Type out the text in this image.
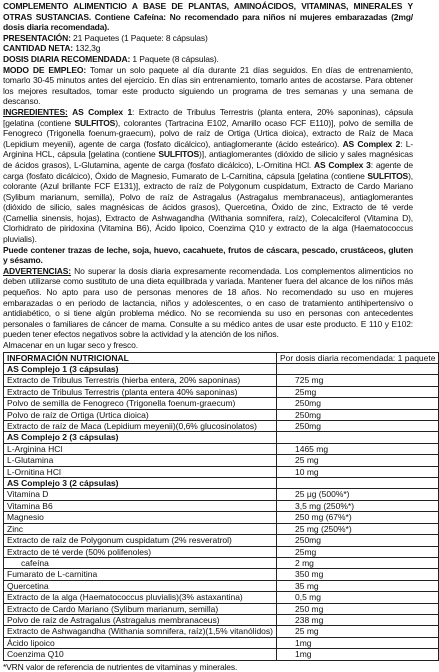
COMPLEMENTO ALIMENTICIO A BASE DE PLANTAS, AMINOÁCIDOS, VITAMINAS, MINERALES Y OTRAS SUSTANCIAS. Contiene Cafeína: No recomendado para niños ni mujeres embarazadas (2mg/ dosis diaria recomendada).

PRESENTACIÓN: 21 Paquetes (1 Paquete: 8 cápsulas)

CANTIDAD NETA: 132,3g

DOSIS DIARIA RECOMENDADA: 1 Paquete (8 cápsulas).

MODO DE EMPLEO: Tomar un solo paquete al día durante 21 días seguidos. En días de entrenamiento, tomarlo 30-45 minutos antes del ejercicio. En días sin entrenamiento, tomarlo antes de acostarse. Para obtener los mejores resultados, tomar este producto siguiendo un programa de tres semanas y una semana de descanso.

INGREDIENTES: AS Complex 1: Extracto de Tribulus Terrestris (planta entera, 20% saponinas), cápsula [gelatina (contiene SULFITOS), colorantes (Tartracina E102, Amarillo ocaso FCF E110)], polvo de semilla de Fenogreco (Trigonella foenum-graecum), polvo de raíz de Ortiga (Urtica dioica), extracto de Raíz de Maca (Lepidium meyenii), agente de carga (fosfato dicálcico), antiaglomerante (ácido esteárico). AS Complex 2: L-Arginina HCL, cápsula [gelatina (contiene SULFITOS)], antiaglomerantes (dióxido de silicio y sales magnésicas de ácidos grasos), L-Glutamina, agente de carga (fosfato dicálcico), L-Ornitina HCl. AS Complex 3: agente de carga (fosfato dicálcico), Óxido de Magnesio, Fumarato de L-Carnitina, cápsula [gelatina (contiene SULFITOS), colorante (Azul brillante FCF E131)], extracto de raíz de Polygonum cuspidatum, Extracto de Cardo Mariano (Sylibum marianum, semilla), Polvo de raíz de Astragalus (Astragalus membranaceus), antiaglomerantes (dióxido de silicio, sales magnésicas de ácidos grasos), Quercetina, Óxido de zinc, Extracto de té verde (Camellia sinensis, hojas), Extracto de Ashwagandha (Withania somnifera, raíz), Colecalciferol (Vitamina D), Clorhidrato de piridoxina (Vitamina B6), Ácido lipoico, Coenzima Q10 y extracto de la alga (Haematococcus pluvialis).

Puede contener trazas de leche, soja, huevo, cacahuete, frutos de cáscara, pescado, crustáceos, gluten y sésamo.

ADVERTENCIAS: No superar la dosis diaria expresamente recomendada. Los complementos alimenticios no deben utilizarse como sustituto de una dieta equilibrada y variada. Mantener fuera del alcance de los niños más pequeños. No apto para uso de personas menores de 18 años. No recomendado su uso en mujeres embarazadas o en periodo de lactancia, niños y adolescentes, o en caso de tratamiento antihipertensivo o antidiabético, o si tiene algún problema médico. No se recomienda su uso en personas con antecedentes personales o familiares de cáncer de mama. Consulte a su médico antes de usar este producto. E 110 y E102: pueden tener efectos negativos sobre la actividad y la atención de los niños.

Almacenar en un lugar seco y fresco.

INFORMACIÓN NUTRICIONAL	Por dosis diaria recomendada: 1 paquete
AS Complejo 1 (3 cápsulas)	
Extracto de Tribulus Terrestris (hierba entera, 20% saponinas)	725 mg
Extracto de Tribulus Terrestris (planta entera 40% saponinas)	25mg
Polvo de semilla de Fenogreco (Trigonella foenum-graecum)	250mg
Polvo de raíz de Ortiga (Urtica dioica)	250mg
Extracto de raíz de Maca (Lepidium meyenii)(0,6% glucosinolatos)	250mg
AS Complejo 2 (3 cápsulas)	
L-Arginina HCl	1465 mg
L-Glutamina	25 mg
L-Ornitina HCl	10 mg
AS Complejo 3 (2 cápsulas)	
Vitamina D	25 μg (500%*)
Vitamina B6	3,5 mg (250%*)
Magnesio	250 mg (67%*)
Zinc	25 mg (250%*)
Extracto de raíz de Polygonum cuspidatum (2% resveratrol)	250mg
Extracto de té verde (50% polifenoles)	25mg
cafeína	2 mg
Fumarato de L-carnitina	350 mg
Quercetina	35 mg
Extracto de la alga (Haematococcus pluvialis)(3% astaxantina)	0,5 mg
Extracto de Cardo Mariano (Sylibum marianum, semilla)	250 mg
Polvo de raíz de Astragalus (Astragalus membranaceus)	238 mg
Extracto de Ashwagandha (Withania somnifera, raíz)(1,5% vitanólidos)	25 mg
Ácido lipoico	1mg
Coenzima Q10	1mg

*VRN valor de referencia de nutrientes de vitaminas y minerales.
